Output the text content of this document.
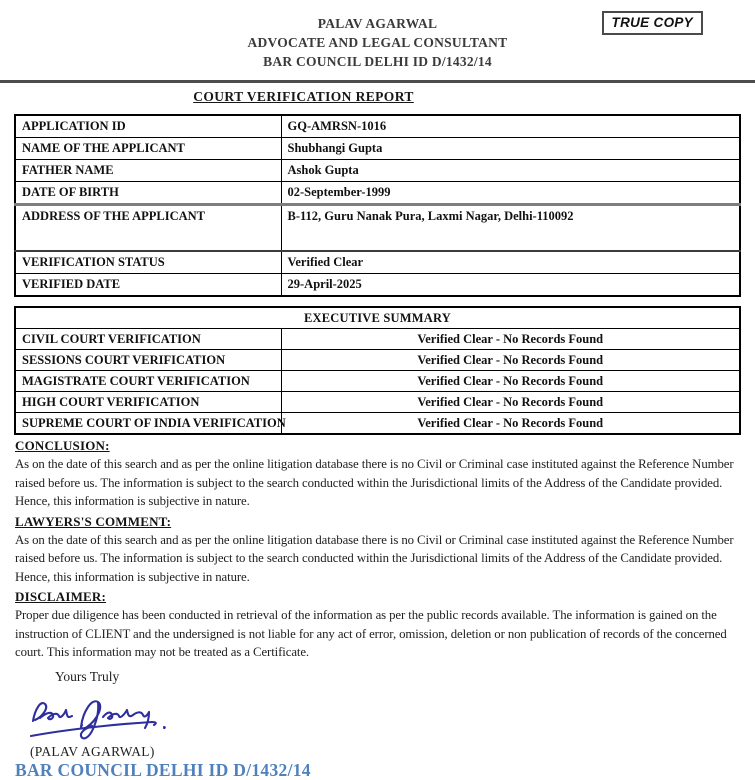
TRUE COPY
PALAV AGARWAL
ADVOCATE AND LEGAL CONSULTANT
BAR COUNCIL DELHI ID D/1432/14
COURT VERIFICATION REPORT
APPLICATION ID	GQ-AMRSN-1016
NAME OF THE APPLICANT	Shubhangi Gupta
FATHER NAME	Ashok Gupta
DATE OF BIRTH	02-September-1999
ADDRESS OF THE APPLICANT	B-112, Guru Nanak Pura, Laxmi Nagar, Delhi-110092
VERIFICATION STATUS	Verified Clear
VERIFIED DATE	29-April-2025
EXECUTIVE SUMMARY	
CIVIL COURT VERIFICATION	Verified Clear - No Records Found
SESSIONS COURT VERIFICATION	Verified Clear - No Records Found
MAGISTRATE COURT VERIFICATION	Verified Clear - No Records Found
HIGH COURT VERIFICATION	Verified Clear - No Records Found
SUPREME COURT OF INDIA VERIFICATION	Verified Clear - No Records Found
CONCLUSION:
As on the date of this search and as per the online litigation database there is no Civil or Criminal case instituted against the Reference Number raised before us. The information is subject to the search conducted within the Jurisdictional limits of the Address of the Candidate provided. Hence, this information is subjective in nature.
LAWYERS'S COMMENT:
As on the date of this search and as per the online litigation database there is no Civil or Criminal case instituted against the Reference Number raised before us. The information is subject to the search conducted within the Jurisdictional limits of the Address of the Candidate provided. Hence, this information is subjective in nature.
DISCLAIMER:
Proper due diligence has been conducted in retrieval of the information as per the public records available. The information is gained on the instruction of CLIENT and the undersigned is not liable for any act of error, omission, deletion or non publication of records of the concerned court. This information may not be treated as a Certificate.
Yours Truly
(PALAV AGARWAL)
BAR COUNCIL DELHI ID D/1432/14
